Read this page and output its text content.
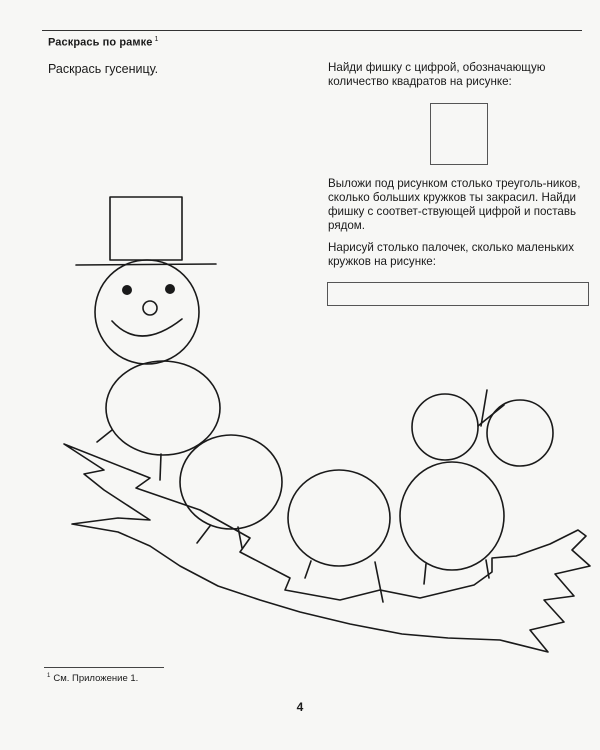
Раскрась по рамке $^1$
Раскрась гусеницу.	Найди фишку с цифрой, обозначающую количество квадратов на рисунке:
Выложи под рисунком столько треуголь-ников, сколько больших кружков ты закрасил. Найди фишку с соответ-ствующей цифрой и поставь рядом.
Нарисуй столько палочек, сколько маленьких кружков на рисунке:
$^1$ См. Приложение 1.
4
